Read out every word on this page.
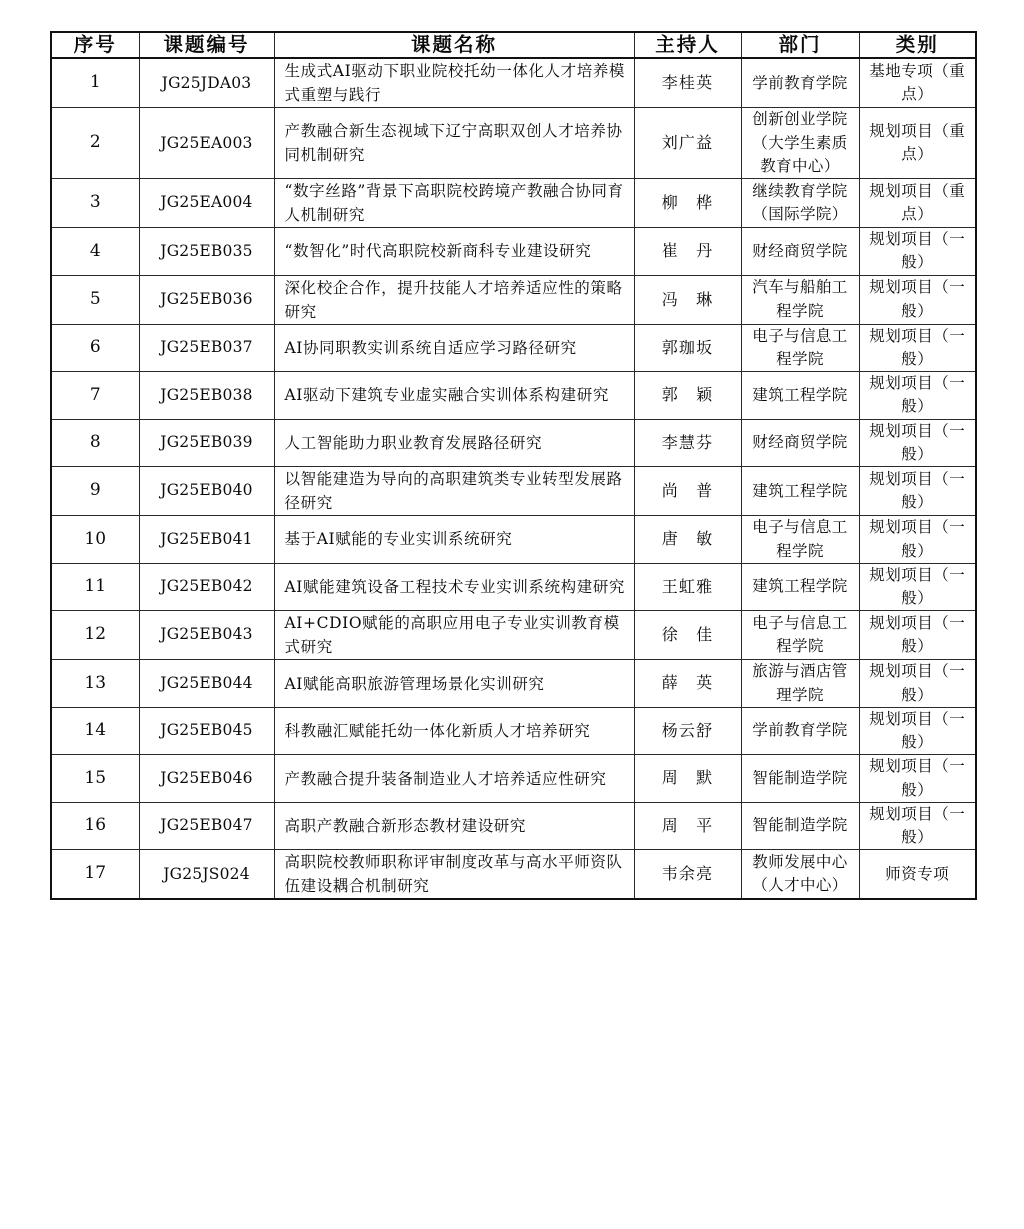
序号	课题编号	课题名称	主持人	部门	类别
1	JG25JDA03	生成式AI驱动下职业院校托幼一体化人才培养模式重塑与践行	李桂英	学前教育学院	基地专项（重点）
2	JG25EA003	产教融合新生态视域下辽宁高职双创人才培养协同机制研究	刘广益	创新创业学院（大学生素质教育中心）	规划项目（重点）
3	JG25EA004	“数字丝路”背景下高职院校跨境产教融合协同育人机制研究	柳　桦	继续教育学院（国际学院）	规划项目（重点）
4	JG25EB035	“数智化”时代高职院校新商科专业建设研究	崔　丹	财经商贸学院	规划项目（一般）
5	JG25EB036	深化校企合作，提升技能人才培养适应性的策略研究	冯　琳	汽车与船舶工程学院	规划项目（一般）
6	JG25EB037	AI协同职教实训系统自适应学习路径研究	郭珈坂	电子与信息工程学院	规划项目（一般）
7	JG25EB038	AI驱动下建筑专业虚实融合实训体系构建研究	郭　颖	建筑工程学院	规划项目（一般）
8	JG25EB039	人工智能助力职业教育发展路径研究	李慧芬	财经商贸学院	规划项目（一般）
9	JG25EB040	以智能建造为导向的高职建筑类专业转型发展路径研究	尚　普	建筑工程学院	规划项目（一般）
10	JG25EB041	基于AI赋能的专业实训系统研究	唐　敏	电子与信息工程学院	规划项目（一般）
11	JG25EB042	AI赋能建筑设备工程技术专业实训系统构建研究	王虹雅	建筑工程学院	规划项目（一般）
12	JG25EB043	AI+CDIO赋能的高职应用电子专业实训教育模式研究	徐　佳	电子与信息工程学院	规划项目（一般）
13	JG25EB044	AI赋能高职旅游管理场景化实训研究	薛　英	旅游与酒店管理学院	规划项目（一般）
14	JG25EB045	科教融汇赋能托幼一体化新质人才培养研究	杨云舒	学前教育学院	规划项目（一般）
15	JG25EB046	产教融合提升装备制造业人才培养适应性研究	周　默	智能制造学院	规划项目（一般）
16	JG25EB047	高职产教融合新形态教材建设研究	周　平	智能制造学院	规划项目（一般）
17	JG25JS024	高职院校教师职称评审制度改革与高水平师资队伍建设耦合机制研究	韦余亮	教师发展中心（人才中心）	师资专项
